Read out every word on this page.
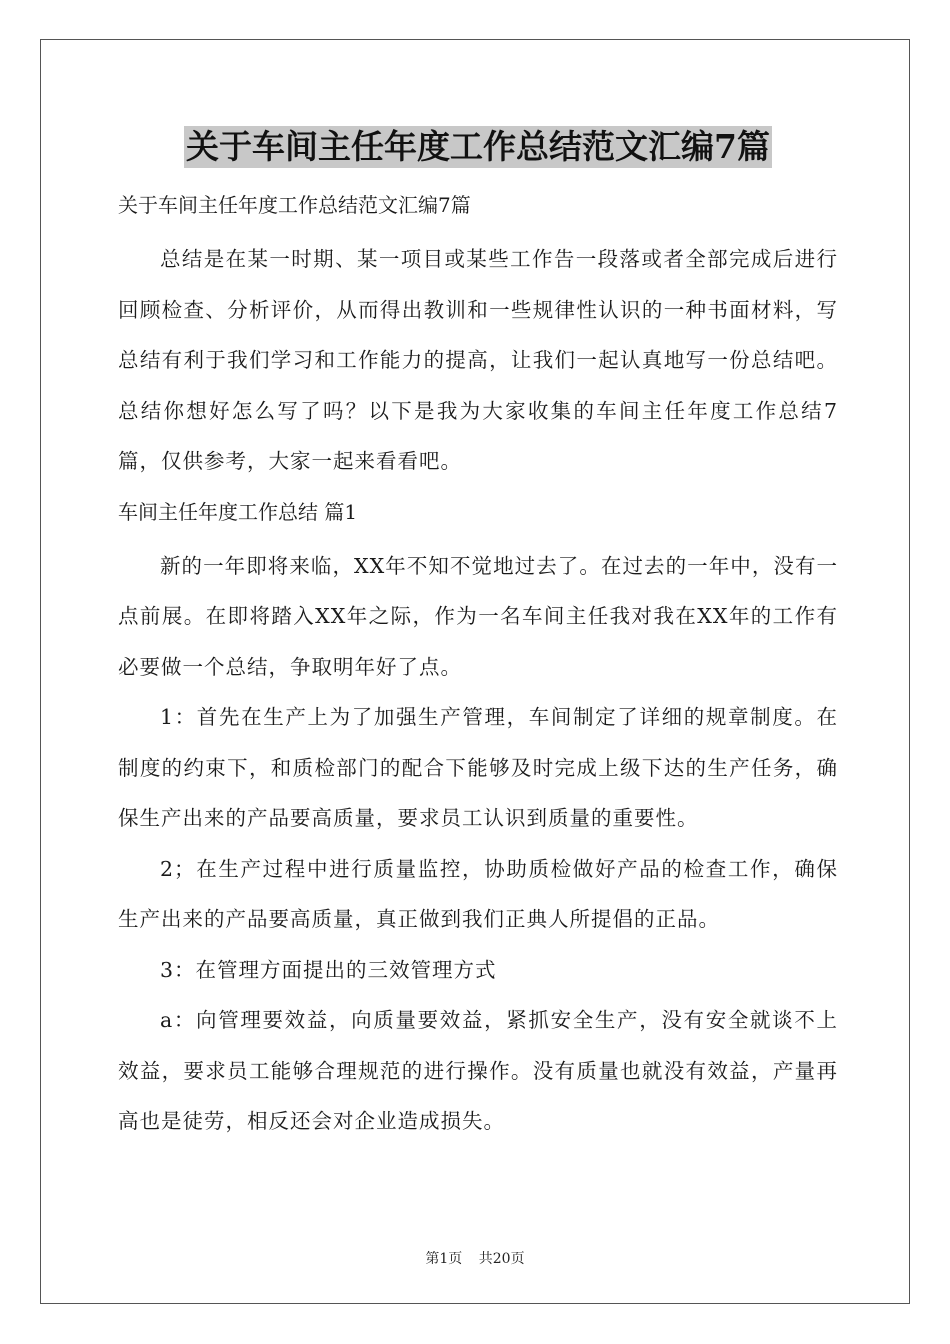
关于车间主任年度工作总结范文汇编7篇

关于车间主任年度工作总结范文汇编7篇

总结是在某一时期、某一项目或某些工作告一段落或者全部完成后进行回顾检查、分析评价，从而得出教训和一些规律性认识的一种书面材料，写总结有利于我们学习和工作能力的提高，让我们一起认真地写一份总结吧。总结你想好怎么写了吗？以下是我为大家收集的车间主任年度工作总结7篇，仅供参考，大家一起来看看吧。

车间主任年度工作总结 篇1

新的一年即将来临，XX年不知不觉地过去了。在过去的一年中，没有一点前展。在即将踏入XX年之际，作为一名车间主任我对我在XX年的工作有必要做一个总结，争取明年好了点。

1：首先在生产上为了加强生产管理，车间制定了详细的规章制度。在制度的约束下，和质检部门的配合下能够及时完成上级下达的生产任务，确保生产出来的产品要高质量，要求员工认识到质量的重要性。

2；在生产过程中进行质量监控，协助质检做好产品的检查工作，确保生产出来的产品要高质量，真正做到我们正典人所提倡的正品。

3：在管理方面提出的三效管理方式

a：向管理要效益，向质量要效益，紧抓安全生产，没有安全就谈不上效益，要求员工能够合理规范的进行操作。没有质量也就没有效益，产量再高也是徒劳，相反还会对企业造成损失。

第1页 共20页
